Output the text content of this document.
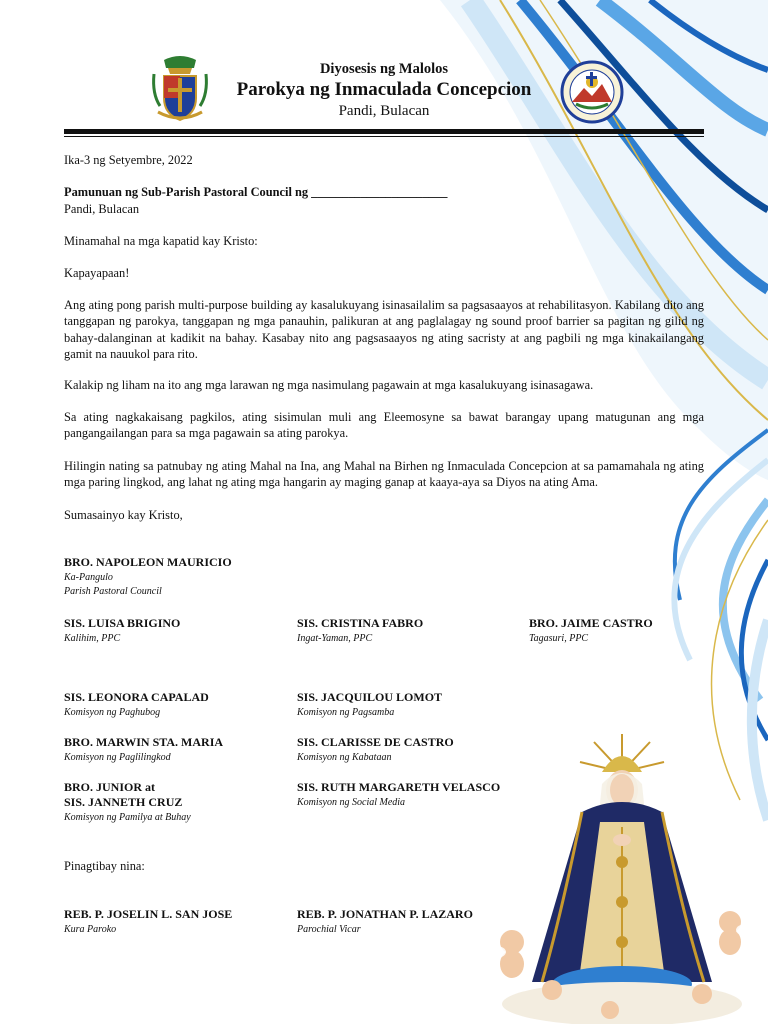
Diyosesis ng Malolos
Parokya ng Inmaculada Concepcion
Pandi, Bulacan
Ika-3 ng Setyembre, 2022
Pamunuan ng Sub-Parish Pastoral Council ng ______________________
Pandi, Bulacan
Minamahal na mga kapatid kay Kristo:
Kapayapaan!
Ang ating pong parish multi-purpose building ay kasalukuyang isinasailalim sa pagsasaayos at rehabilitasyon. Kabilang dito ang tanggapan ng parokya, tanggapan ng mga panauhin, palikuran at ang paglalagay ng sound proof barrier sa pagitan ng gilid ng bahay-dalanginan at kadikit na bahay. Kasabay nito ang pagsasaayos ng ating sacristy at ang pagbili ng mga kinakailangang gamit na nauukol para rito.
Kalakip ng liham na ito ang mga larawan ng mga nasimulang pagawain at mga kasalukuyang isinasagawa.
Sa ating nagkakaisang pagkilos, ating sisimulan muli ang Eleemosyne sa bawat barangay upang matugunan ang mga pangangailangan para sa mga pagawain sa ating parokya.
Hilingin nating sa patnubay ng ating Mahal na Ina, ang Mahal na Birhen ng Inmaculada Concepcion at sa pamamahala ng ating mga paring lingkod, ang lahat ng ating mga hangarin ay maging ganap at kaaya-aya sa Diyos na ating Ama.
Sumasainyo kay Kristo,
BRO. NAPOLEON MAURICIO
Ka-Pangulo
Parish Pastoral Council
SIS. LUISA BRIGINO
Kalihim, PPC
SIS. CRISTINA FABRO
Ingat-Yaman, PPC
BRO. JAIME CASTRO
Tagasuri, PPC
SIS. LEONORA CAPALAD
Komisyon ng Paghubog
SIS. JACQUILOU LOMOT
Komisyon ng Pagsamba
BRO. MARWIN STA. MARIA
Komisyon ng Paglilingkod
SIS. CLARISSE DE CASTRO
Komisyon ng Kabataan
BRO. JUNIOR at
SIS. JANNETH CRUZ
Komisyon ng Pamilya at Buhay
SIS. RUTH MARGARETH VELASCO
Komisyon ng Social Media
Pinagtibay nina:
REB. P. JOSELIN L. SAN JOSE
Kura Paroko
REB. P. JONATHAN P. LAZARO
Parochial Vicar
